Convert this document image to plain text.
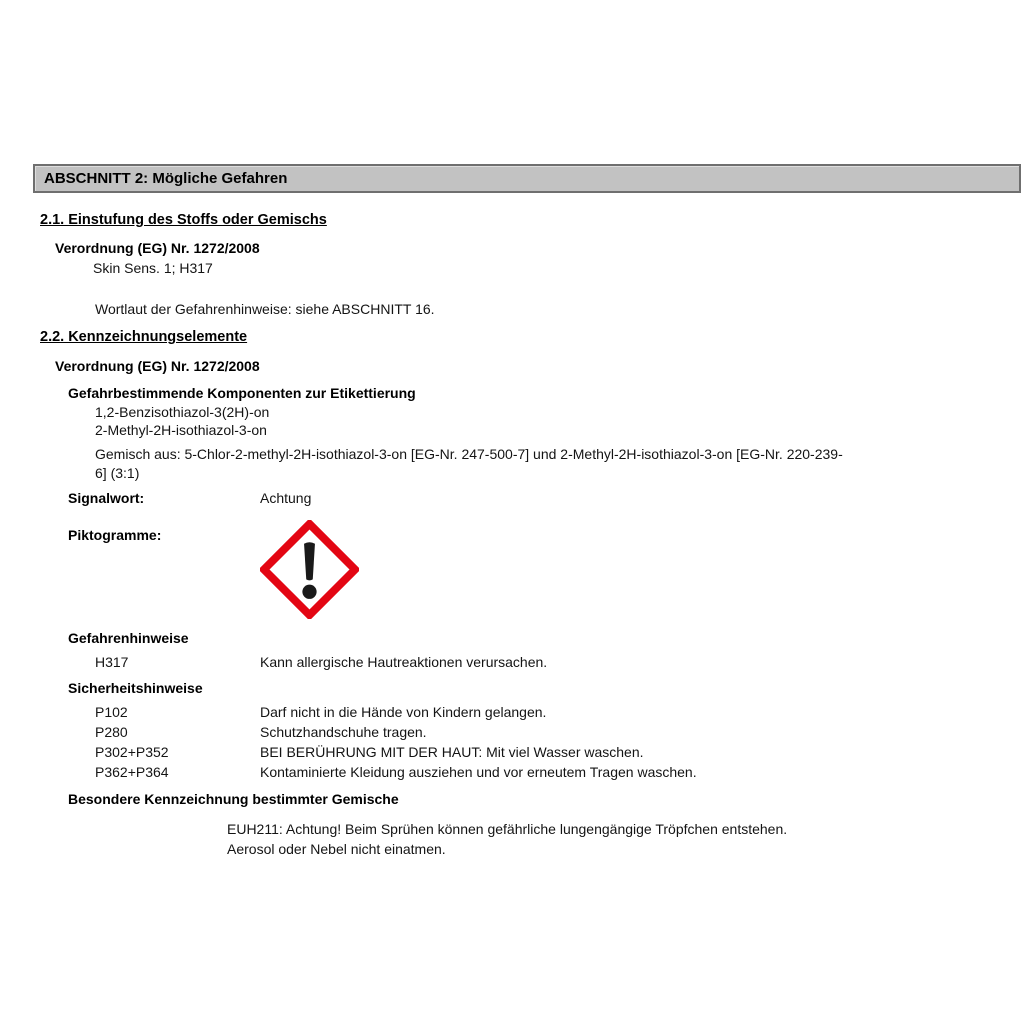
ABSCHNITT 2: Mögliche Gefahren
2.1. Einstufung des Stoffs oder Gemischs
Verordnung (EG) Nr. 1272/2008
Skin Sens. 1; H317
Wortlaut der Gefahrenhinweise: siehe ABSCHNITT 16.
2.2. Kennzeichnungselemente
Verordnung (EG) Nr. 1272/2008
Gefahrbestimmende Komponenten zur Etikettierung
1,2-Benzisothiazol-3(2H)-on
2-Methyl-2H-isothiazol-3-on
Gemisch aus: 5-Chlor-2-methyl-2H-isothiazol-3-on [EG-Nr. 247-500-7] und 2-Methyl-2H-isothiazol-3-on [EG-Nr. 220-239-6] (3:1)
Signalwort:	Achtung
Piktogramme:
Gefahrenhinweise
H317	Kann allergische Hautreaktionen verursachen.
Sicherheitshinweise
P102	Darf nicht in die Hände von Kindern gelangen.
P280	Schutzhandschuhe tragen.
P302+P352	BEI BERÜHRUNG MIT DER HAUT: Mit viel Wasser waschen.
P362+P364	Kontaminierte Kleidung ausziehen und vor erneutem Tragen waschen.
Besondere Kennzeichnung bestimmter Gemische
EUH211: Achtung! Beim Sprühen können gefährliche lungengängige Tröpfchen entstehen. Aerosol oder Nebel nicht einatmen.
